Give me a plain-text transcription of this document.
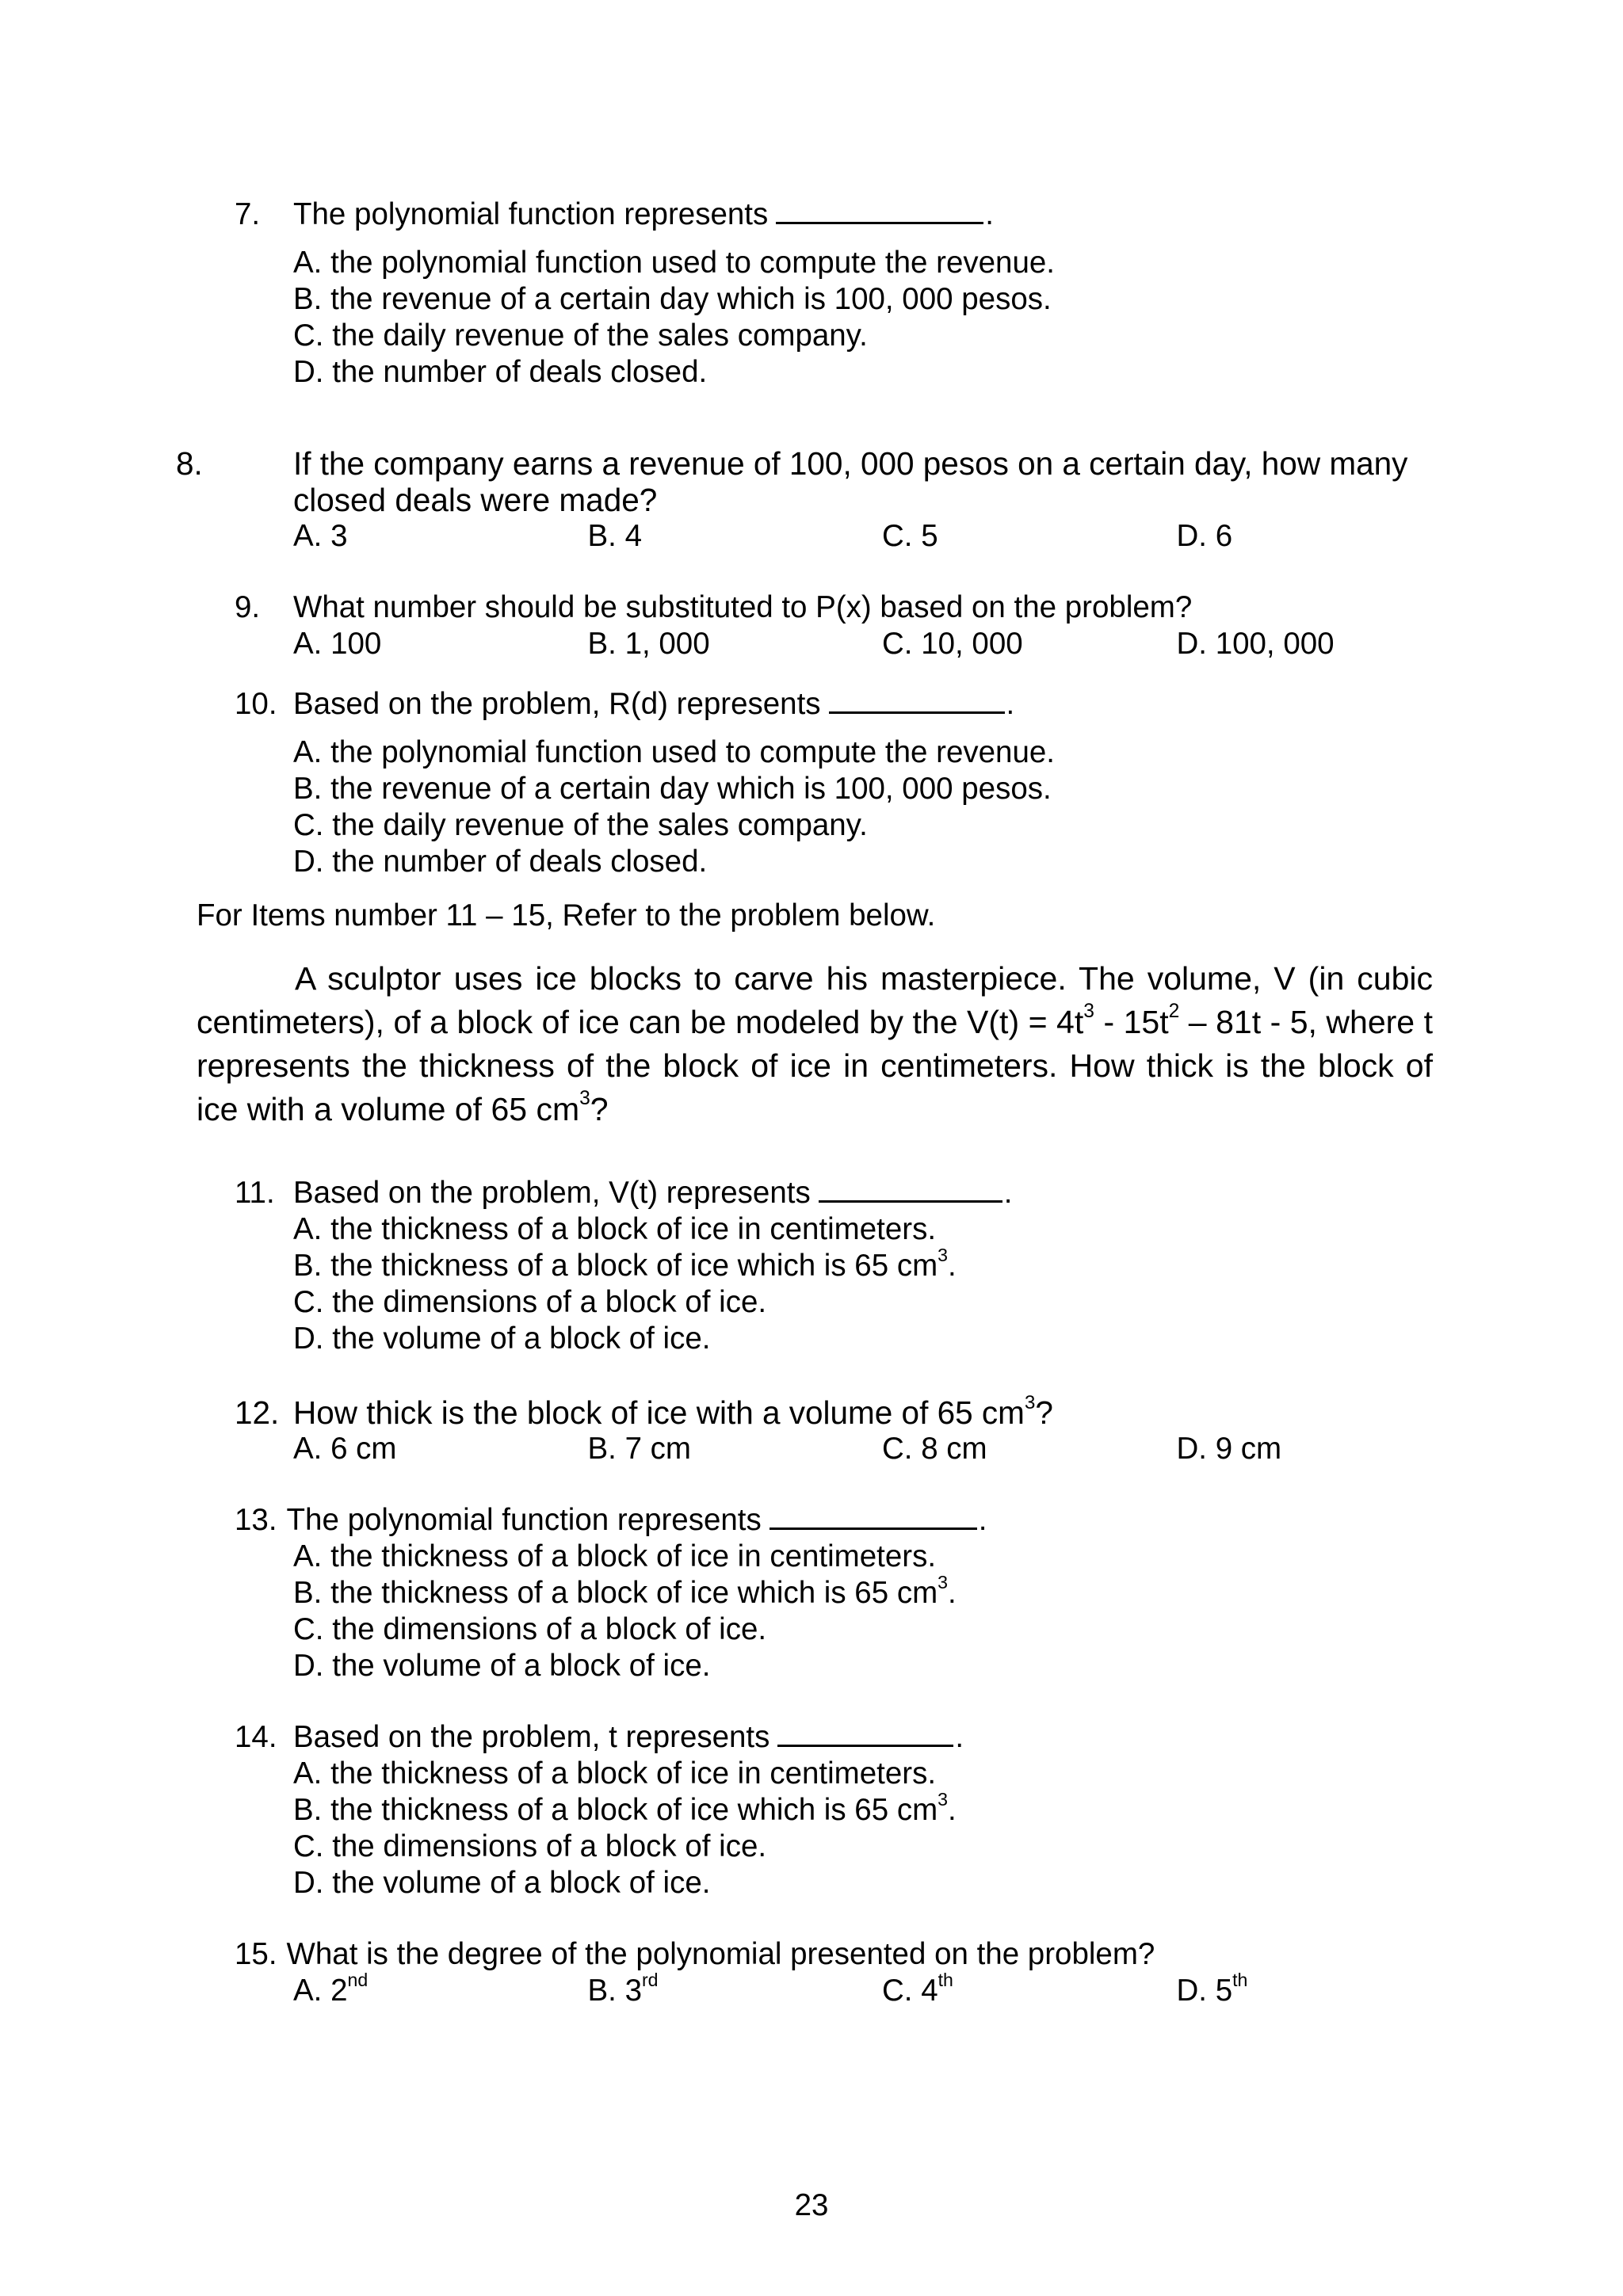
7. The polynomial function represents	.
A. the polynomial function used to compute the revenue.
B. the revenue of a certain day which is 100, 000 pesos.
C. the daily revenue of the sales company.
D. the number of deals closed.
8.	If the company earns a revenue of 100, 000 pesos on a certain day, how many closed deals were made?
A. 3	B. 4	C. 5	D. 6
9. What number should be substituted to P(x) based on the problem?
A. 100	B. 1, 000	C. 10, 000	D. 100, 000
10. Based on the problem, R(d) represents	.
A. the polynomial function used to compute the revenue.
B. the revenue of a certain day which is 100, 000 pesos.
C. the daily revenue of the sales company.
D. the number of deals closed.
For Items number 11 – 15, Refer to the problem below.
A sculptor uses ice blocks to carve his masterpiece. The volume, V (in cubic centimeters), of a block of ice can be modeled by the $V(t) = 4t^3 - 15t^2 - 81t - 5$, where t represents the thickness of the block of ice in centimeters. How thick is the block of ice with a volume of 65 $cm^3$?
11. Based on the problem, V(t) represents	.
A. the thickness of a block of ice in centimeters.
B. the thickness of a block of ice which is 65 $cm^3$.
C. the dimensions of a block of ice.
D. the volume of a block of ice.
12. How thick is the block of ice with a volume of 65 $cm^3$?
A. 6 cm	B. 7 cm	C. 8 cm	D. 9 cm
13. The polynomial function represents	.
A. the thickness of a block of ice in centimeters.
B. the thickness of a block of ice which is 65 $cm^3$.
C. the dimensions of a block of ice.
D. the volume of a block of ice.
14. Based on the problem, t represents	.
A. the thickness of a block of ice in centimeters.
B. the thickness of a block of ice which is 65 $cm^3$.
C. the dimensions of a block of ice.
D. the volume of a block of ice.
15. What is the degree of the polynomial presented on the problem?
A. 2nd	B. 3rd	C. 4th	D. 5th
23
